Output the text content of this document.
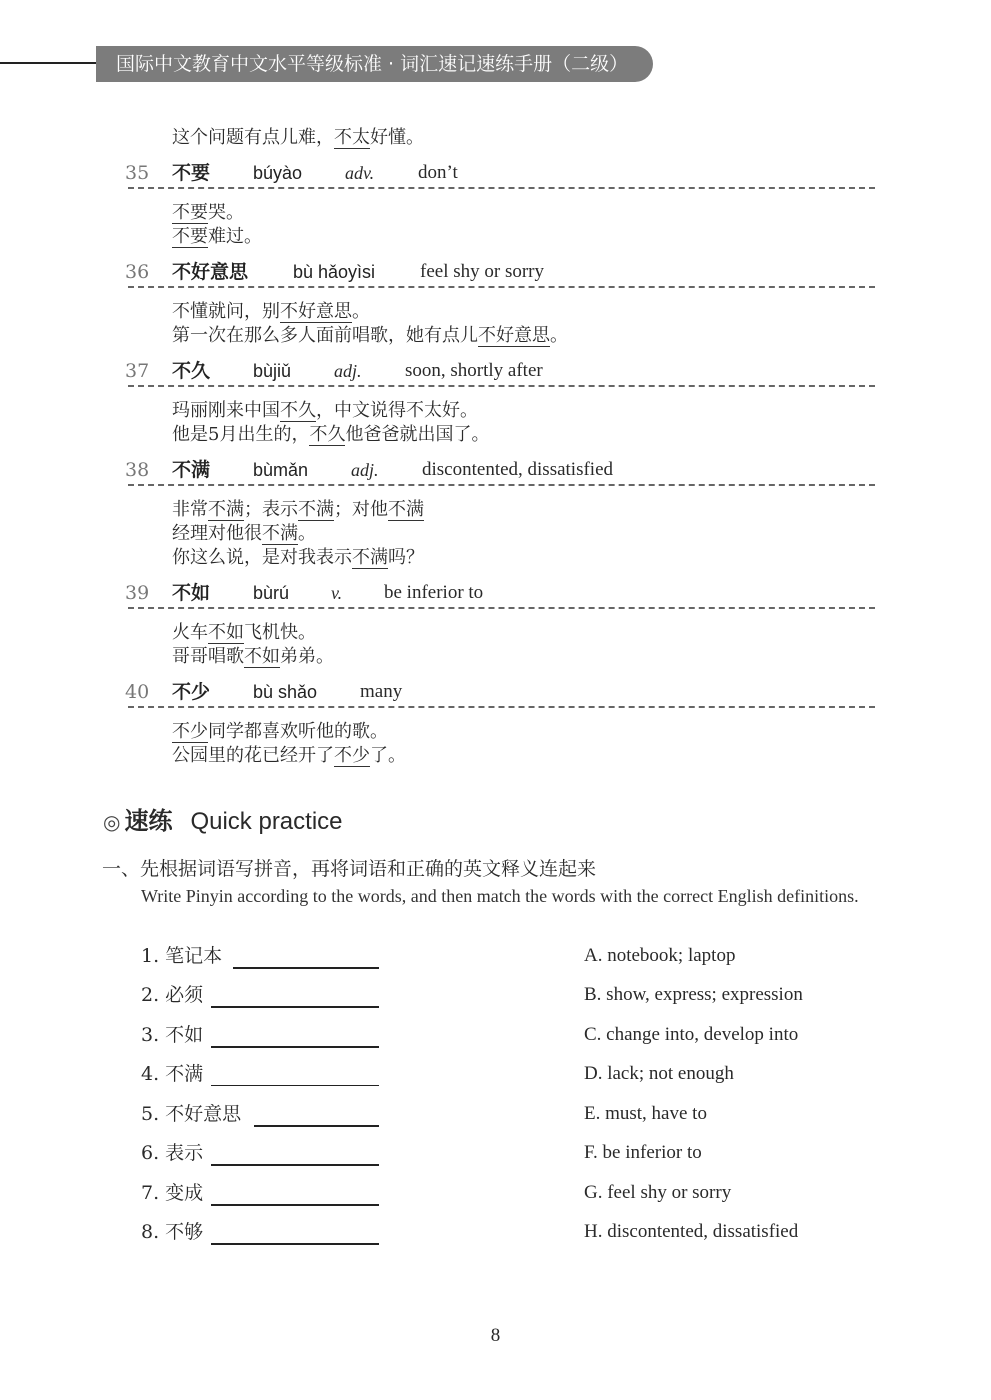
国际中文教育中文水平等级标准 · 词汇速记速练手册（二级）
这个问题有点儿难，不太好懂。
35 不要 búyào adv. don’t
不要哭。
不要难过。
36 不好意思 bù hǎoyìsi feel shy or sorry
不懂就问，别不好意思。
第一次在那么多人面前唱歌，她有点儿不好意思。
37 不久 bùjiǔ adj. soon, shortly after
玛丽刚来中国不久，中文说得不太好。
他是5月出生的，不久他爸爸就出国了。
38 不满 bùmǎn adj. discontented, dissatisfied
非常不满；表示不满；对他不满
经理对他很不满。
你这么说，是对我表示不满吗？
39 不如 bùrú v. be inferior to
火车不如飞机快。
哥哥唱歌不如弟弟。
40 不少 bù shǎo many
不少同学都喜欢听他的歌。
公园里的花已经开了不少了。
◎ 速练 Quick practice
一、先根据词语写拼音，再将词语和正确的英文释义连起来
Write Pinyin according to the words, and then match the words with the correct English definitions.
1. 笔记本
2. 必须
3. 不如
4. 不满
5. 不好意思
6. 表示
7. 变成
8. 不够
A. notebook; laptop
B. show, express; expression
C. change into, develop into
D. lack; not enough
E. must, have to
F. be inferior to
G. feel shy or sorry
H. discontented, dissatisfied
8
